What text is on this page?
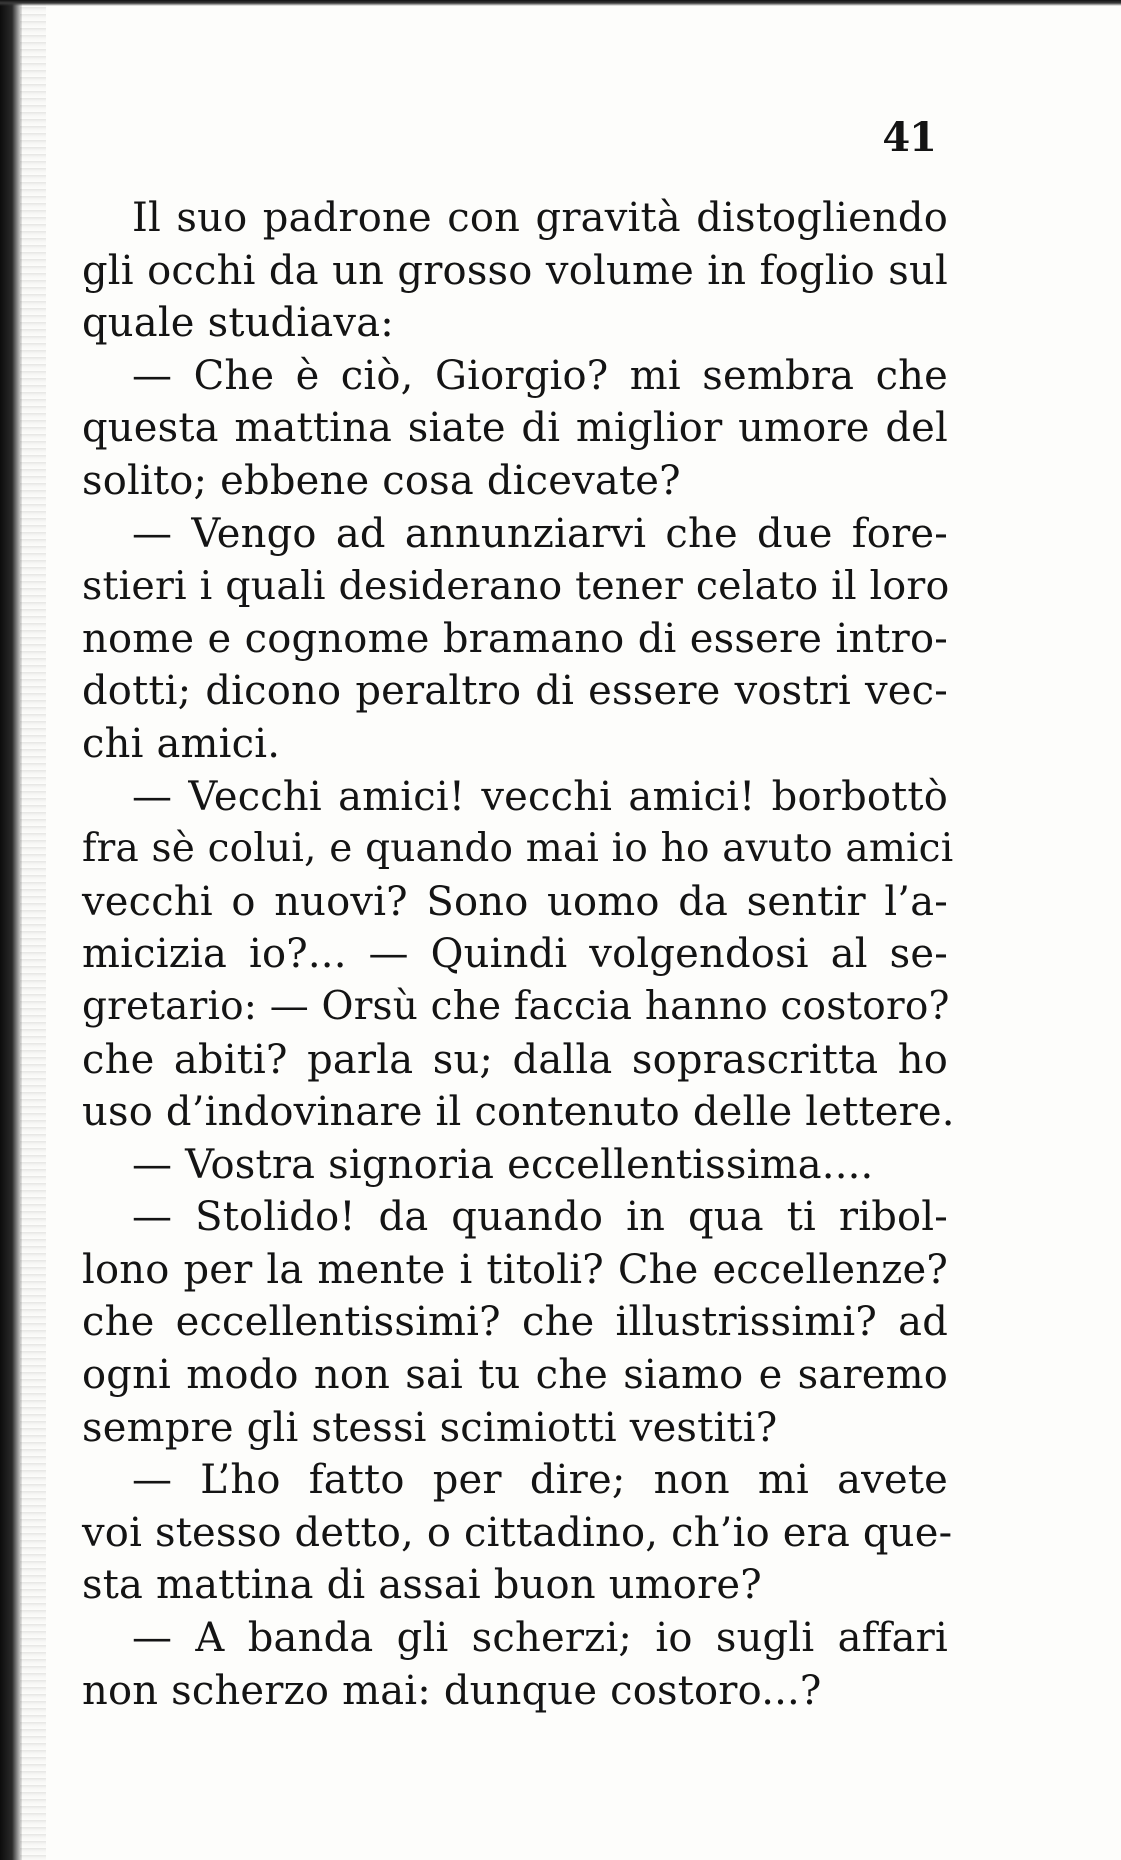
41
Il suo padrone con gravità distogliendo
gli occhi da un grosso volume in foglio sul
quale studiava:
— Che è ciò, Giorgio? mi sembra che
questa mattina siate di miglior umore del
solito; ebbene cosa dicevate?
— Vengo ad annunziarvi che due fore-
stieri i quali desiderano tener celato il loro
nome e cognome bramano di essere intro-
dotti; dicono peraltro di essere vostri vec-
chi amici.
— Vecchi amici! vecchi amici! borbottò
fra sè colui, e quando mai io ho avuto amici
vecchi o nuovi? Sono uomo da sentir l’a-
micizia io?... — Quindi volgendosi al se-
gretario: — Orsù che faccia hanno costoro?
che abiti? parla su; dalla soprascritta ho
uso d’indovinare il contenuto delle lettere.
— Vostra signoria eccellentissima....
— Stolido! da quando in qua ti ribol-
lono per la mente i titoli? Che eccellenze?
che eccellentissimi? che illustrissimi? ad
ogni modo non sai tu che siamo e saremo
sempre gli stessi scimiotti vestiti?
— L’ho fatto per dire; non mi avete
voi stesso detto, o cittadino, ch’io era que-
sta mattina di assai buon umore?
— A banda gli scherzi; io sugli affari
non scherzo mai: dunque costoro...?
